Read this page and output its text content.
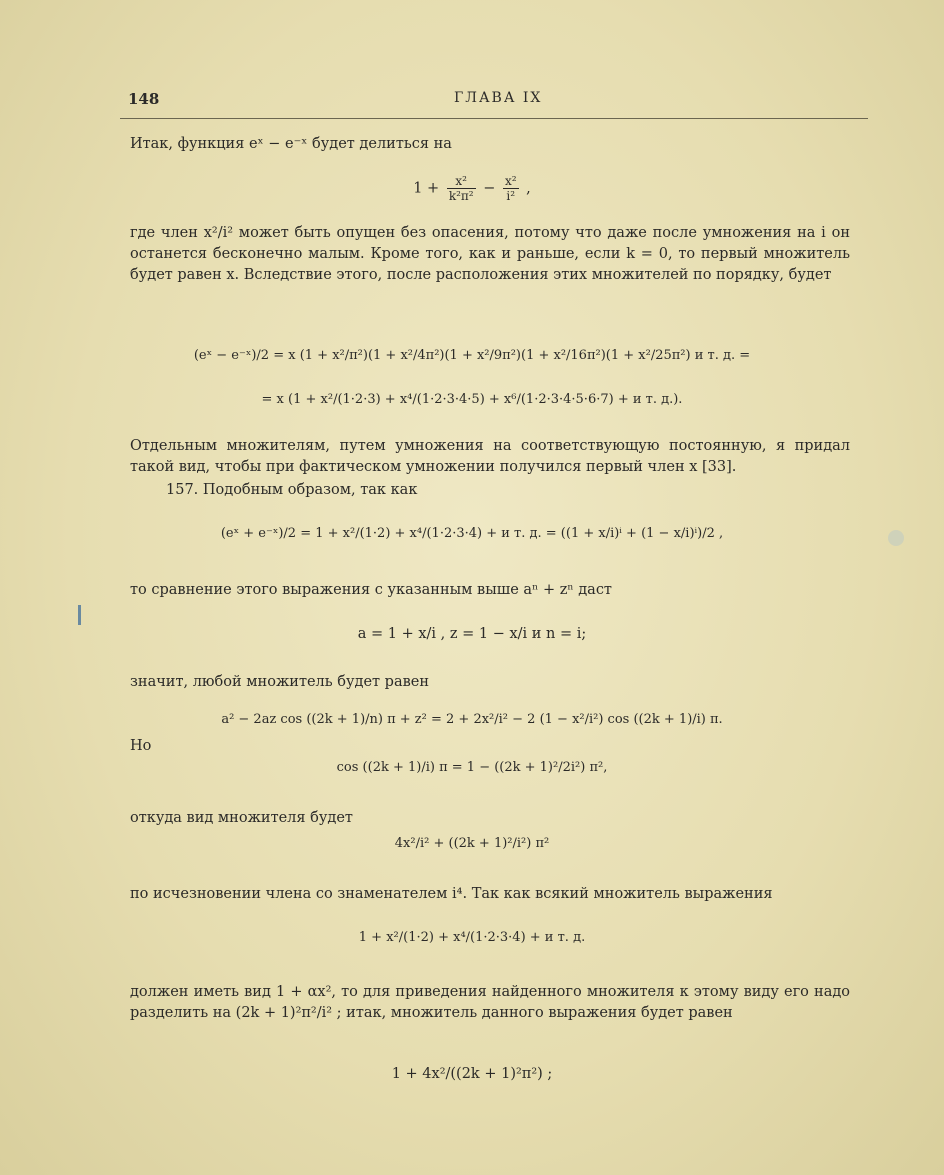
148	ГЛАВА IX
Итак, функция eˣ − e⁻ˣ будет делиться на
$1 + \frac{\text{x²}}{\text{k²π²}} - \frac{\text{x²}}{\text{i²}}$ ,
где член x²/i² может быть опущен без опасения, потому что даже после умножения на i он останется бесконечно малым. Кроме того, как и раньше, если k = 0, то первый множитель будет равен x. Вследствие этого, после расположения этих множителей по порядку, будет
(eˣ − e⁻ˣ)/2 = x (1 + x²/π²)(1 + x²/4π²)(1 + x²/9π²)(1 + x²/16π²)(1 + x²/25π²) и т. д. =
= x (1 + x²/(1·2·3) + x⁴/(1·2·3·4·5) + x⁶/(1·2·3·4·5·6·7) + и т. д.).
Отдельным множителям, путем умножения на соответствующую постоянную, я придал такой вид, чтобы при фактическом умножении получился первый член x [33].
157. Подобным образом, так как
(eˣ + e⁻ˣ)/2 = 1 + x²/(1·2) + x⁴/(1·2·3·4) + и т. д. = ((1 + x/i)ⁱ + (1 − x/i)ⁱ)/2 ,
то сравнение этого выражения с указанным выше aⁿ + zⁿ даст
a = 1 + x/i , z = 1 − x/i и n = i;
значит, любой множитель будет равен
a² − 2az cos ((2k + 1)/n) π + z² = 2 + 2x²/i² − 2 (1 − x²/i²) cos ((2k + 1)/i) π.
Но
cos ((2k + 1)/i) π = 1 − ((2k + 1)²/2i²) π²,
откуда вид множителя будет
4x²/i² + ((2k + 1)²/i²) π²
по исчезновении члена со знаменателем i⁴. Так как всякий множитель выражения
1 + x²/(1·2) + x⁴/(1·2·3·4) + и т. д.
должен иметь вид 1 + αx², то для приведения найденного множителя к этому виду его надо разделить на (2k + 1)²π²/i² ; итак, множитель данного выражения будет равен
1 + 4x²/((2k + 1)²π²) ;
